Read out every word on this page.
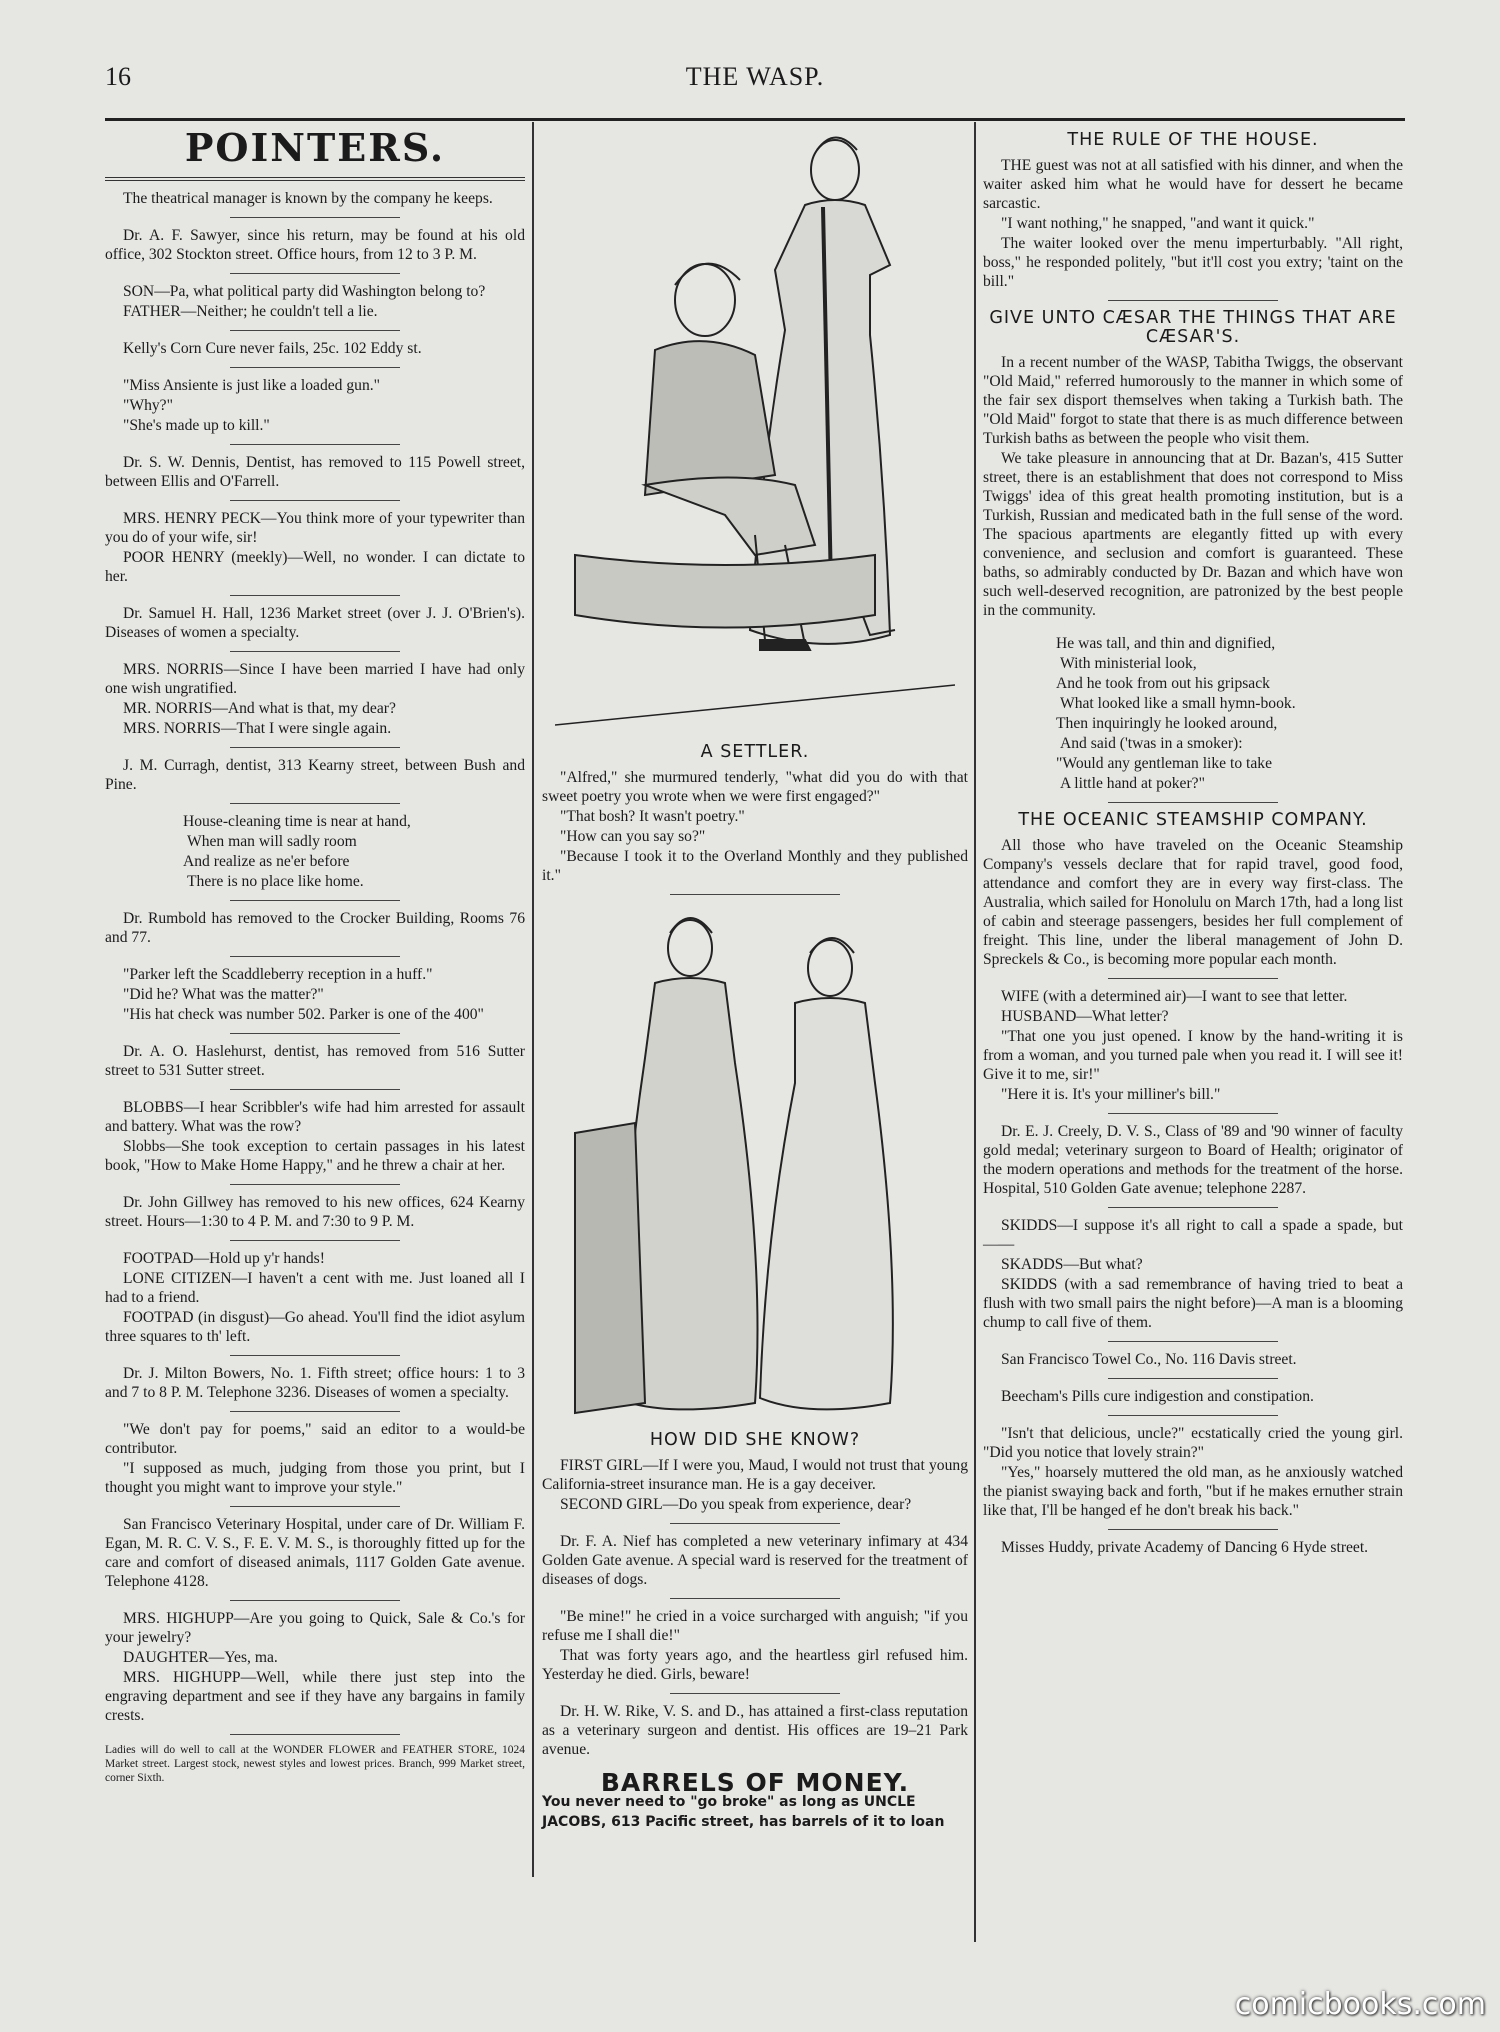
16	THE WASP.
POINTERS.

The theatrical manager is known by the company he keeps.

Dr. A. F. Sawyer, since his return, may be found at his old office, 302 Stockton street. Office hours, from 12 to 3 P. M.

SON—Pa, what political party did Washington belong to?

FATHER—Neither; he couldn't tell a lie.

Kelly's Corn Cure never fails, 25c. 102 Eddy st.

"Miss Ansiente is just like a loaded gun."

"Why?"

"She's made up to kill."

Dr. S. W. Dennis, Dentist, has removed to 115 Powell street, between Ellis and O'Farrell.

MRS. HENRY PECK—You think more of your typewriter than you do of your wife, sir!

POOR HENRY (meekly)—Well, no wonder. I can dictate to her.

Dr. Samuel H. Hall, 1236 Market street (over J. J. O'Brien's). Diseases of women a specialty.

MRS. NORRIS—Since I have been married I have had only one wish ungratified.

MR. NORRIS—And what is that, my dear?

MRS. NORRIS—That I were single again.

J. M. Curragh, dentist, 313 Kearny street, between Bush and Pine.

House-cleaning time is near at hand,

When man will sadly room

And realize as ne'er before

There is no place like home.

Dr. Rumbold has removed to the Crocker Building, Rooms 76 and 77.

"Parker left the Scaddleberry reception in a huff."

"Did he? What was the matter?"

"His hat check was number 502. Parker is one of the 400"

Dr. A. O. Haslehurst, dentist, has removed from 516 Sutter street to 531 Sutter street.

BLOBBS—I hear Scribbler's wife had him arrested for assault and battery. What was the row?

Slobbs—She took exception to certain passages in his latest book, "How to Make Home Happy," and he threw a chair at her.

Dr. John Gillwey has removed to his new offices, 624 Kearny street. Hours—1:30 to 4 P. M. and 7:30 to 9 P. M.

FOOTPAD—Hold up y'r hands!

LONE CITIZEN—I haven't a cent with me. Just loaned all I had to a friend.

FOOTPAD (in disgust)—Go ahead. You'll find the idiot asylum three squares to th' left.

Dr. J. Milton Bowers, No. 1. Fifth street; office hours: 1 to 3 and 7 to 8 P. M. Telephone 3236. Diseases of women a specialty.

"We don't pay for poems," said an editor to a would-be contributor.

"I supposed as much, judging from those you print, but I thought you might want to improve your style."

San Francisco Veterinary Hospital, under care of Dr. William F. Egan, M. R. C. V. S., F. E. V. M. S., is thoroughly fitted up for the care and comfort of diseased animals, 1117 Golden Gate avenue. Telephone 4128.

MRS. HIGHUPP—Are you going to Quick, Sale & Co.'s for your jewelry?

DAUGHTER—Yes, ma.

MRS. HIGHUPP—Well, while there just step into the engraving department and see if they have any bargains in family crests.

Ladies will do well to call at the WONDER FLOWER and FEATHER STORE, 1024 Market street. Largest stock, newest styles and lowest prices. Branch, 999 Market street, corner Sixth.

A SETTLER.

"Alfred," she murmured tenderly, "what did you do with that sweet poetry you wrote when we were first engaged?"

"That bosh? It wasn't poetry."

"How can you say so?"

"Because I took it to the Overland Monthly and they published it."

HOW DID SHE KNOW?

FIRST GIRL—If I were you, Maud, I would not trust that young California-street insurance man. He is a gay deceiver.

SECOND GIRL—Do you speak from experience, dear?

Dr. F. A. Nief has completed a new veterinary infimary at 434 Golden Gate avenue. A special ward is reserved for the treatment of diseases of dogs.

"Be mine!" he cried in a voice surcharged with anguish; "if you refuse me I shall die!"

That was forty years ago, and the heartless girl refused him. Yesterday he died. Girls, beware!

Dr. H. W. Rike, V. S. and D., has attained a first-class reputation as a veterinary surgeon and dentist. His offices are 19–21 Park avenue.

BARRELS OF MONEY.

You never need to "go broke" as long as UNCLE JACOBS, 613 Pacific street, has barrels of it to loan

THE RULE OF THE HOUSE.

THE guest was not at all satisfied with his dinner, and when the waiter asked him what he would have for dessert he became sarcastic.

"I want nothing," he snapped, "and want it quick."

The waiter looked over the menu imperturbably. "All right, boss," he responded politely, "but it'll cost you extry; 'taint on the bill."

GIVE UNTO CÆSAR THE THINGS THAT ARE CÆSAR'S.

In a recent number of the WASP, Tabitha Twiggs, the observant "Old Maid," referred humorously to the manner in which some of the fair sex disport themselves when taking a Turkish bath. The "Old Maid" forgot to state that there is as much difference between Turkish baths as between the people who visit them.

We take pleasure in announcing that at Dr. Bazan's, 415 Sutter street, there is an establishment that does not correspond to Miss Twiggs' idea of this great health promoting institution, but is a Turkish, Russian and medicated bath in the full sense of the word. The spacious apartments are elegantly fitted up with every convenience, and seclusion and comfort is guaranteed. These baths, so admirably conducted by Dr. Bazan and which have won such well-deserved recognition, are patronized by the best people in the community.

He was tall, and thin and dignified,

With ministerial look,

And he took from out his gripsack

What looked like a small hymn-book.

Then inquiringly he looked around,

And said ('twas in a smoker):

"Would any gentleman like to take

A little hand at poker?"

THE OCEANIC STEAMSHIP COMPANY.

All those who have traveled on the Oceanic Steamship Company's vessels declare that for rapid travel, good food, attendance and comfort they are in every way first-class. The Australia, which sailed for Honolulu on March 17th, had a long list of cabin and steerage passengers, besides her full complement of freight. This line, under the liberal management of John D. Spreckels & Co., is becoming more popular each month.

WIFE (with a determined air)—I want to see that letter.

HUSBAND—What letter?

"That one you just opened. I know by the hand-writing it is from a woman, and you turned pale when you read it. I will see it! Give it to me, sir!"

"Here it is. It's your milliner's bill."

Dr. E. J. Creely, D. V. S., Class of '89 and '90 winner of faculty gold medal; veterinary surgeon to Board of Health; originator of the modern operations and methods for the treatment of the horse. Hospital, 510 Golden Gate avenue; telephone 2287.

SKIDDS—I suppose it's all right to call a spade a spade, but——

SKADDS—But what?

SKIDDS (with a sad remembrance of having tried to beat a flush with two small pairs the night before)—A man is a blooming chump to call five of them.

San Francisco Towel Co., No. 116 Davis street.

Beecham's Pills cure indigestion and constipation.

"Isn't that delicious, uncle?" ecstatically cried the young girl. "Did you notice that lovely strain?"

"Yes," hoarsely muttered the old man, as he anxiously watched the pianist swaying back and forth, "but if he makes ernuther strain like that, I'll be hanged ef he don't break his back."

Misses Huddy, private Academy of Dancing 6 Hyde street.

comicbooks.com
